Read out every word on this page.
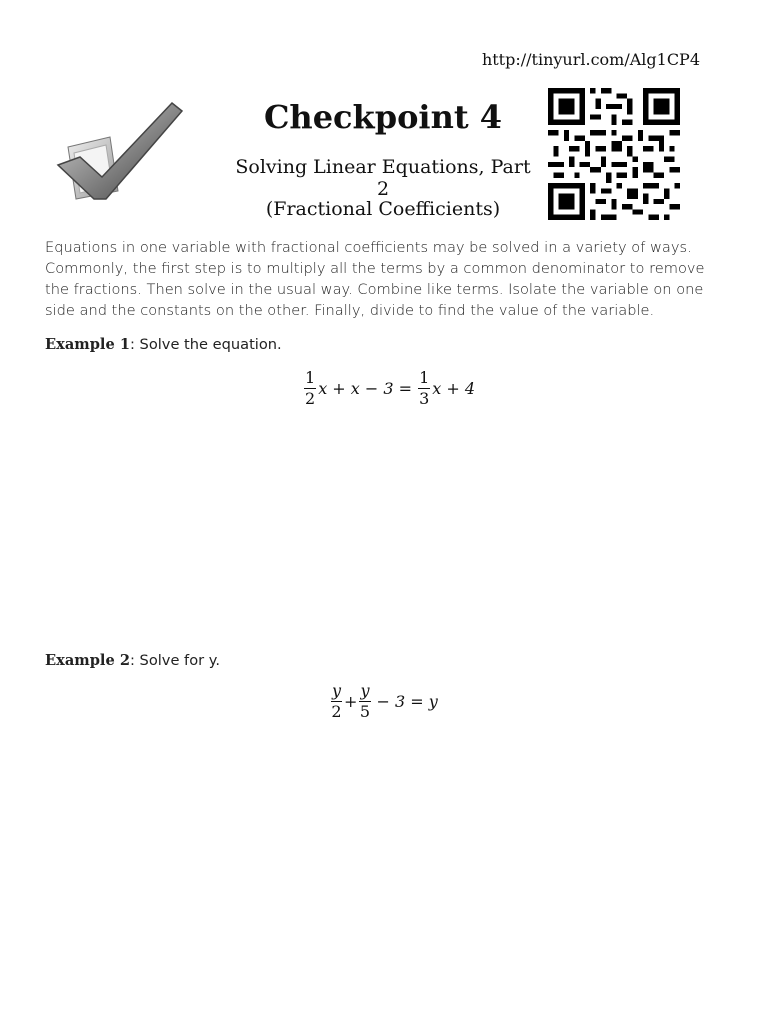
http://tinyurl.com/Alg1CP4
Checkpoint 4
Solving Linear Equations, Part 2
(Fractional Coefficients)
Equations in one variable with fractional coefficients may be solved in a variety of ways. Commonly, the first step is to multiply all the terms by a common denominator to remove the fractions. Then solve in the usual way. Combine like terms. Isolate the variable on one side and the constants on the other. Finally, divide to find the value of the variable.
Example 1: Solve the equation.
$\frac{1}{2}$ $x + x - 3 = \frac{1}{3}$ x + 4
Example 2: Solve for y.
$\frac{y}{2} + \frac{y}{5} - 3 = y$
